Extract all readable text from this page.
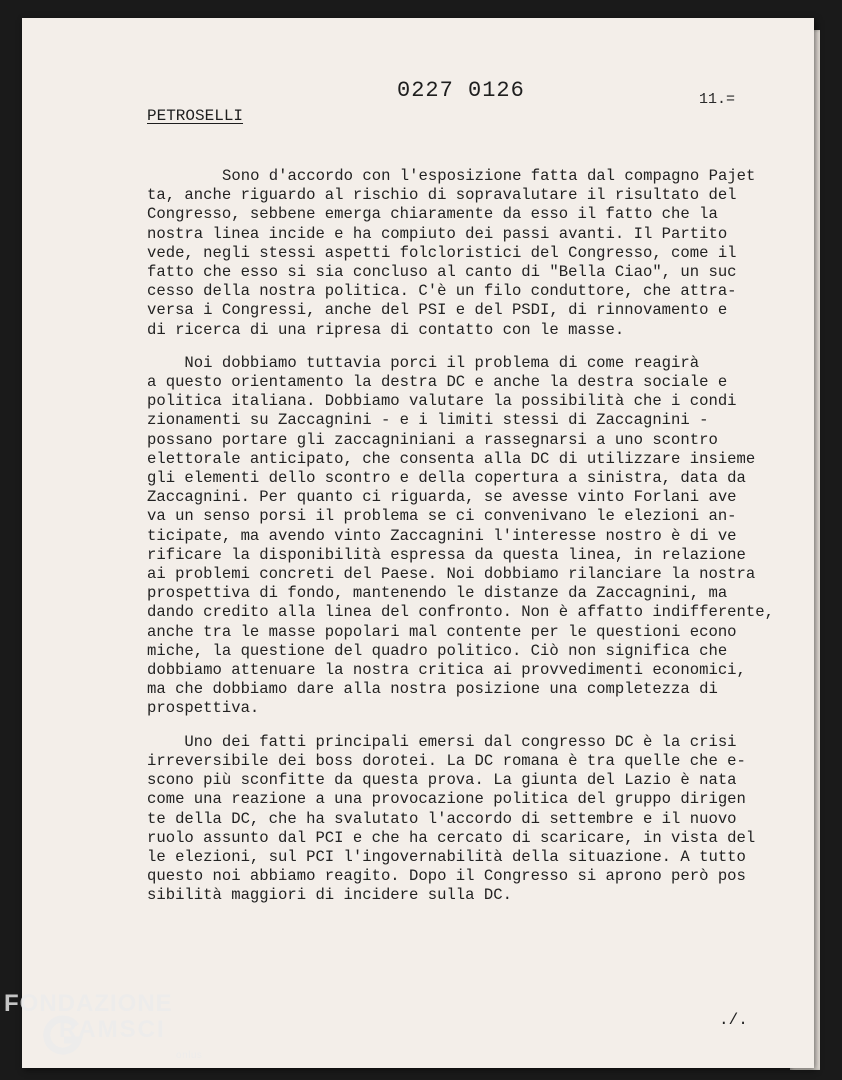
0227 0126	11.=
PETROSELLI

Sono d'accordo con l'esposizione fatta dal compagno Pajet
ta, anche riguardo al rischio di sopravalutare il risultato del
Congresso, sebbene emerga chiaramente da esso il fatto che la
nostra linea incide e ha compiuto dei passi avanti. Il Partito
vede, negli stessi aspetti folcloristici del Congresso, come il
fatto che esso si sia concluso al canto di "Bella Ciao", un suc
cesso della nostra politica. C'è un filo conduttore, che attra-
versa i Congressi, anche del PSI e del PSDI, di rinnovamento e
di ricerca di una ripresa di contatto con le masse.

Noi dobbiamo tuttavia porci il problema di come reagirà
a questo orientamento la destra DC e anche la destra sociale e
politica italiana. Dobbiamo valutare la possibilità che i condi
zionamenti su Zaccagnini - e i limiti stessi di Zaccagnini -
possano portare gli zaccagniniani a rassegnarsi a uno scontro
elettorale anticipato, che consenta alla DC di utilizzare insieme
gli elementi dello scontro e della copertura a sinistra, data da
Zaccagnini. Per quanto ci riguarda, se avesse vinto Forlani ave
va un senso porsi il problema se ci convenivano le elezioni an-
ticipate, ma avendo vinto Zaccagnini l'interesse nostro è di ve
rificare la disponibilità espressa da questa linea, in relazione
ai problemi concreti del Paese. Noi dobbiamo rilanciare la nostra
prospettiva di fondo, mantenendo le distanze da Zaccagnini, ma
dando credito alla linea del confronto. Non è affatto indifferente,
anche tra le masse popolari mal contente per le questioni econo
miche, la questione del quadro politico. Ciò non significa che
dobbiamo attenuare la nostra critica ai provvedimenti economici,
ma che dobbiamo dare alla nostra posizione una completezza di
prospettiva.

Uno dei fatti principali emersi dal congresso DC è la crisi
irreversibile dei boss dorotei. La DC romana è tra quelle che e-
scono più sconfitte da questa prova. La giunta del Lazio è nata
come una reazione a una provocazione politica del gruppo dirigen
te della DC, che ha svalutato l'accordo di settembre e il nuovo
ruolo assunto dal PCI e che ha cercato di scaricare, in vista del
le elezioni, sul PCI l'ingovernabilità della situazione. A tutto
questo noi abbiamo reagito. Dopo il Congresso si aprono però pos
sibilità maggiori di incidere sulla DC.

./.
FONDAZIONE
RAMSCI
onlus
